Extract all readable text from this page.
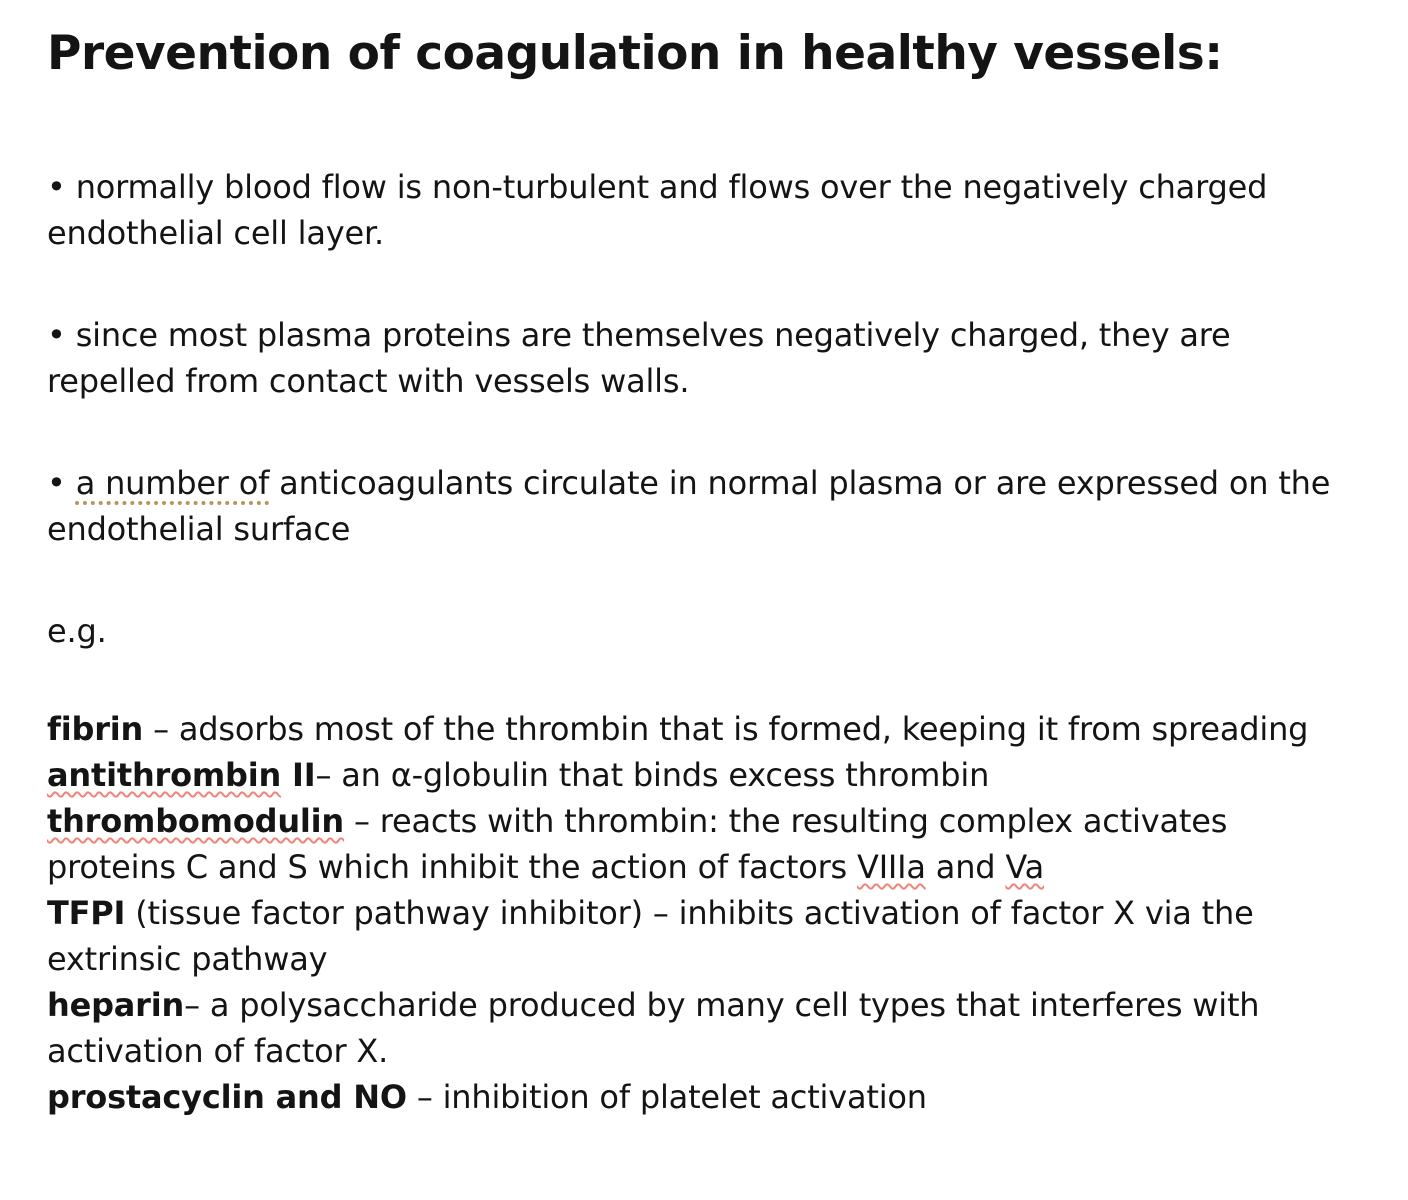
Prevention of coagulation in healthy vessels:
• normally blood flow is non-turbulent and flows over the negatively charged endothelial cell layer.
• since most plasma proteins are themselves negatively charged, they are repelled from contact with vessels walls.
• a number of anticoagulants circulate in normal plasma or are expressed on the endothelial surface
e.g.
fibrin – adsorbs most of the thrombin that is formed, keeping it from spreading
antithrombin II– an α-globulin that binds excess thrombin
thrombomodulin – reacts with thrombin: the resulting complex activates proteins C and S which inhibit the action of factors VIIIa and Va
TFPI (tissue factor pathway inhibitor) – inhibits activation of factor X via the extrinsic pathway
heparin– a polysaccharide produced by many cell types that interferes with activation of factor X.
prostacyclin and NO – inhibition of platelet activation
